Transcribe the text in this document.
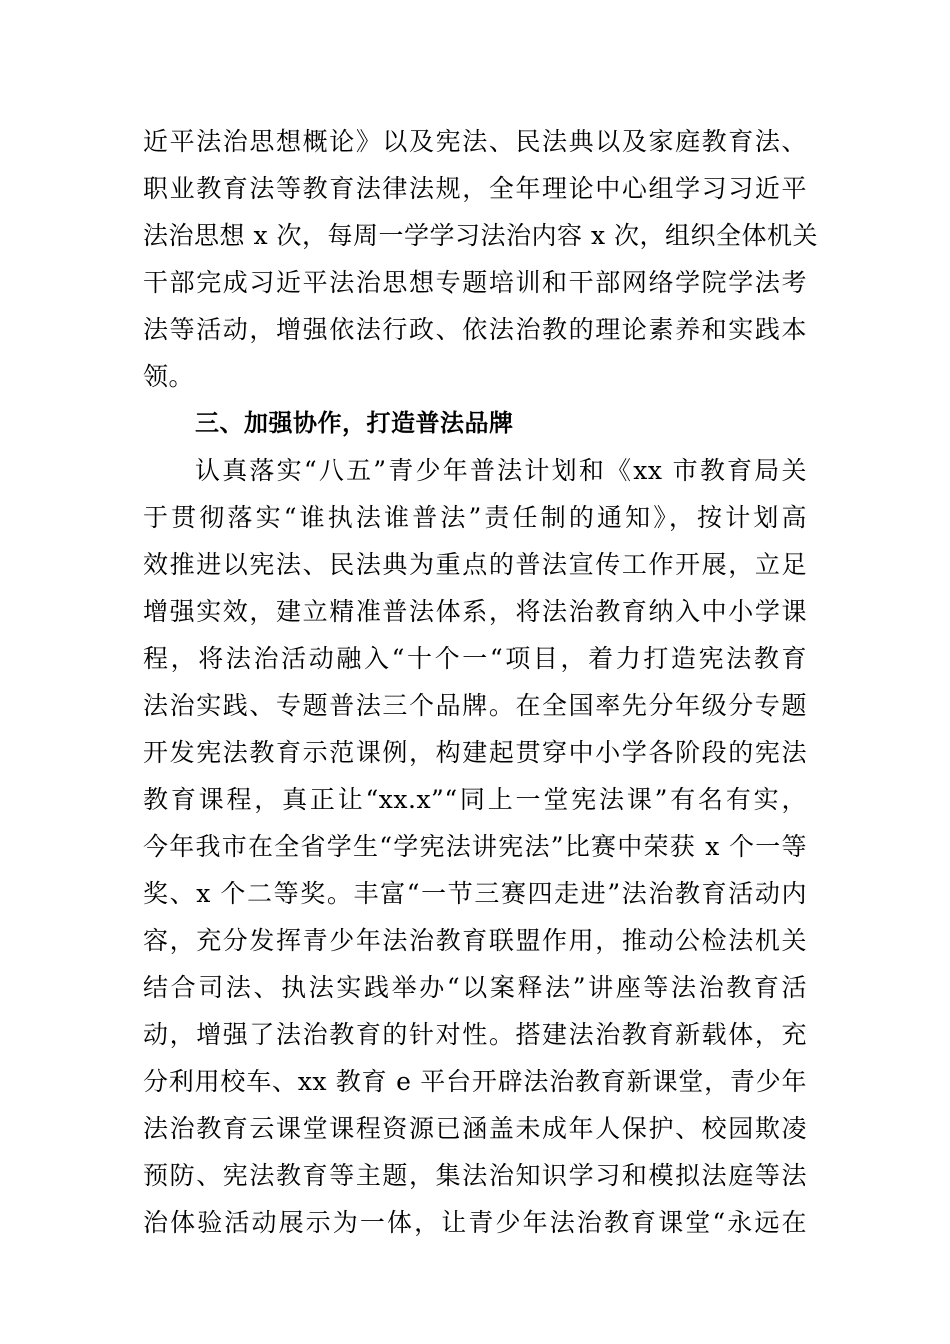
近平法治思想概论》以及宪法、民法典以及家庭教育法、
职业教育法等教育法律法规，全年理论中心组学习习近平
法治思想 x 次，每周一学学习法治内容 x 次，组织全体机关
干部完成习近平法治思想专题培训和干部网络学院学法考
法等活动，增强依法行政、依法治教的理论素养和实践本
领。
三、加强协作，打造普法品牌
认真落实“八五”青少年普法计划和《xx 市教育局关
于贯彻落实“谁执法谁普法”责任制的通知》，按计划高
效推进以宪法、民法典为重点的普法宣传工作开展，立足
增强实效，建立精准普法体系，将法治教育纳入中小学课
程，将法治活动融入“十个一“项目，着力打造宪法教育
法治实践、专题普法三个品牌。在全国率先分年级分专题
开发宪法教育示范课例，构建起贯穿中小学各阶段的宪法
教育课程，真正让“xx.x”“同上一堂宪法课”有名有实，
今年我市在全省学生“学宪法讲宪法”比赛中荣获 x 个一等
奖、x 个二等奖。丰富“一节三赛四走进”法治教育活动内
容，充分发挥青少年法治教育联盟作用，推动公检法机关
结合司法、执法实践举办“以案释法”讲座等法治教育活
动，增强了法治教育的针对性。搭建法治教育新载体，充
分利用校车、xx 教育 e 平台开辟法治教育新课堂，青少年
法治教育云课堂课程资源已涵盖未成年人保护、校园欺凌
预防、宪法教育等主题，集法治知识学习和模拟法庭等法
治体验活动展示为一体，让青少年法治教育课堂“永远在
